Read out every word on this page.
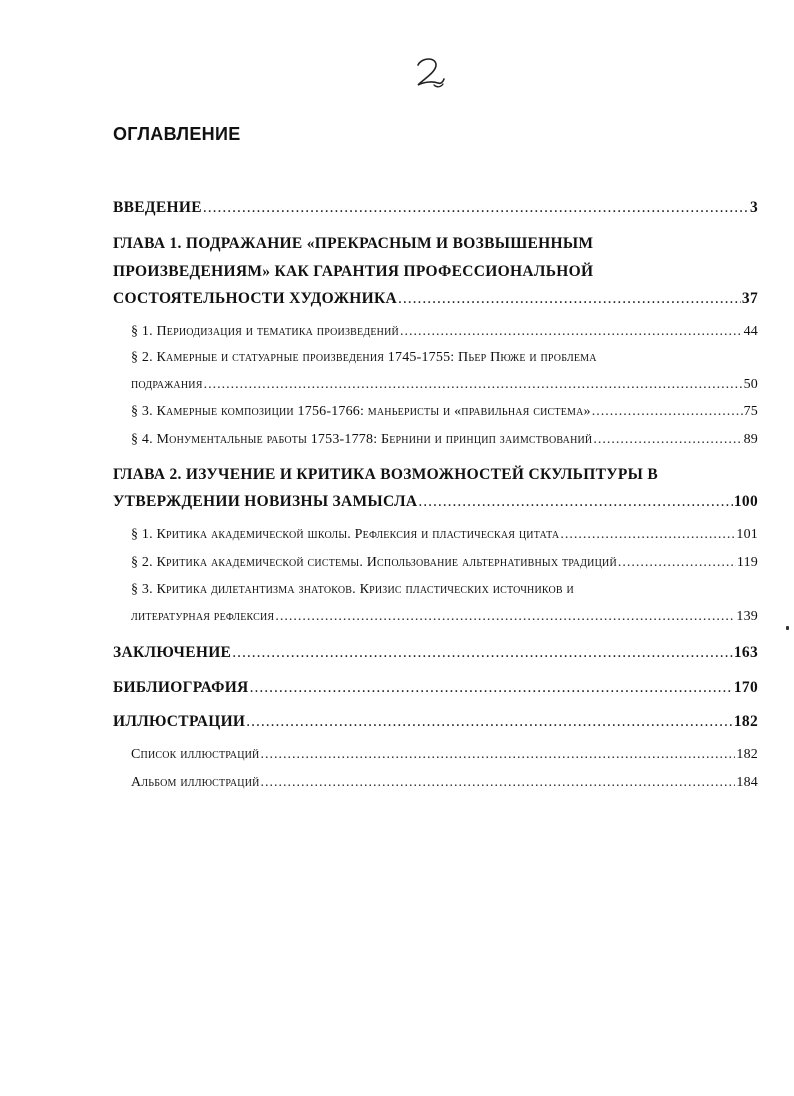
ОГЛАВЛЕНИЕ
ВВЕДЕНИЕ .....	3
ГЛАВА 1. ПОДРАЖАНИЕ «ПРЕКРАСНЫМ И ВОЗВЫШЕННЫМ
ПРОИЗВЕДЕНИЯМ» КАК ГАРАНТИЯ ПРОФЕССИОНАЛЬНОЙ
СОСТОЯТЕЛЬНОСТИ ХУДОЖНИКА .....	37
§ 1. Периодизация и тематика произведений .....	44
§ 2. Камерные и статуарные произведения 1745-1755: Пьер Пюже и проблема
подражания .....	50
§ 3. Камерные композиции 1756-1766: маньеристы и «правильная система» .....	75
§ 4. Монументальные работы 1753-1778: Бернини и принцип заимствований .....	89
ГЛАВА 2. ИЗУЧЕНИЕ И КРИТИКА ВОЗМОЖНОСТЕЙ СКУЛЬПТУРЫ В
УТВЕРЖДЕНИИ НОВИЗНЫ ЗАМЫСЛА .....	100
§ 1. Критика академической школы. Рефлексия и пластическая цитата .....	101
§ 2. Критика академической системы. Использование альтернативных традиций .....	119
§ 3. Критика дилетантизма знатоков. Кризис пластических источников и
литературная рефлексия .....	139
ЗАКЛЮЧЕНИЕ .....	163
БИБЛИОГРАФИЯ .....	170
ИЛЛЮСТРАЦИИ .....	182
Список иллюстраций .....	182
Альбом иллюстраций .....	184
